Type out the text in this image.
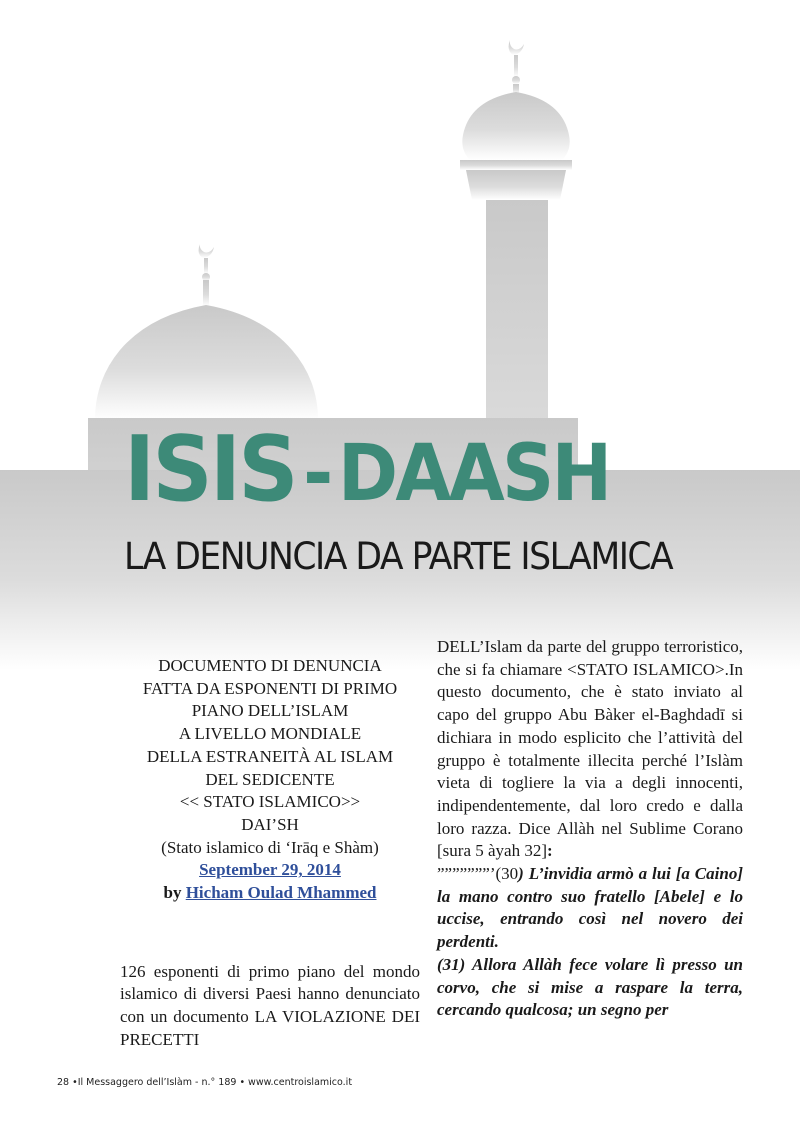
ISIS-DAASH
LA DENUNCIA DA PARTE ISLAMICA
DOCUMENTO DI DENUNCIA
FATTA DA ESPONENTI DI PRIMO
PIANO DELL’ISLAM
A LIVELLO MONDIALE
DELLA ESTRANEITÀ AL ISLAM
DEL SEDICENTE
<< STATO ISLAMICO>>
DAI’SH
(Stato islamico di ‘Irāq e Shàm)
September 29, 2014
by Hicham Oulad Mhammed
126 esponenti di primo piano del mondo islamico di diversi Paesi hanno denunciato con un documento LA VIOLAZIONE DEI PRECETTI

DELL’Islam da parte del gruppo terroristico, che si fa chiamare <STATO ISLAMICO>.In questo documento, che è stato inviato al capo del gruppo Abu Bàker el-Baghdadī si dichiara in modo esplicito che l’attività del gruppo è totalmente illecita perché l’Islàm vieta di togliere la via a degli innocenti, indipendentemente, dal loro credo e dalla loro razza. Dice Allàh nel Sublime Corano [sura 5 àyah 32]:

”””””””’(30) L’invidia armò a lui [a Caino] la mano contro suo fratello [Abele] e lo uccise, entrando così nel novero dei perdenti.

(31) Allora Allàh fece volare lì presso un corvo, che si mise a raspare la terra, cercando qualcosa; un segno per

28 •Il Messaggero dell’Islàm - n.° 189 • www.centroislamico.it
